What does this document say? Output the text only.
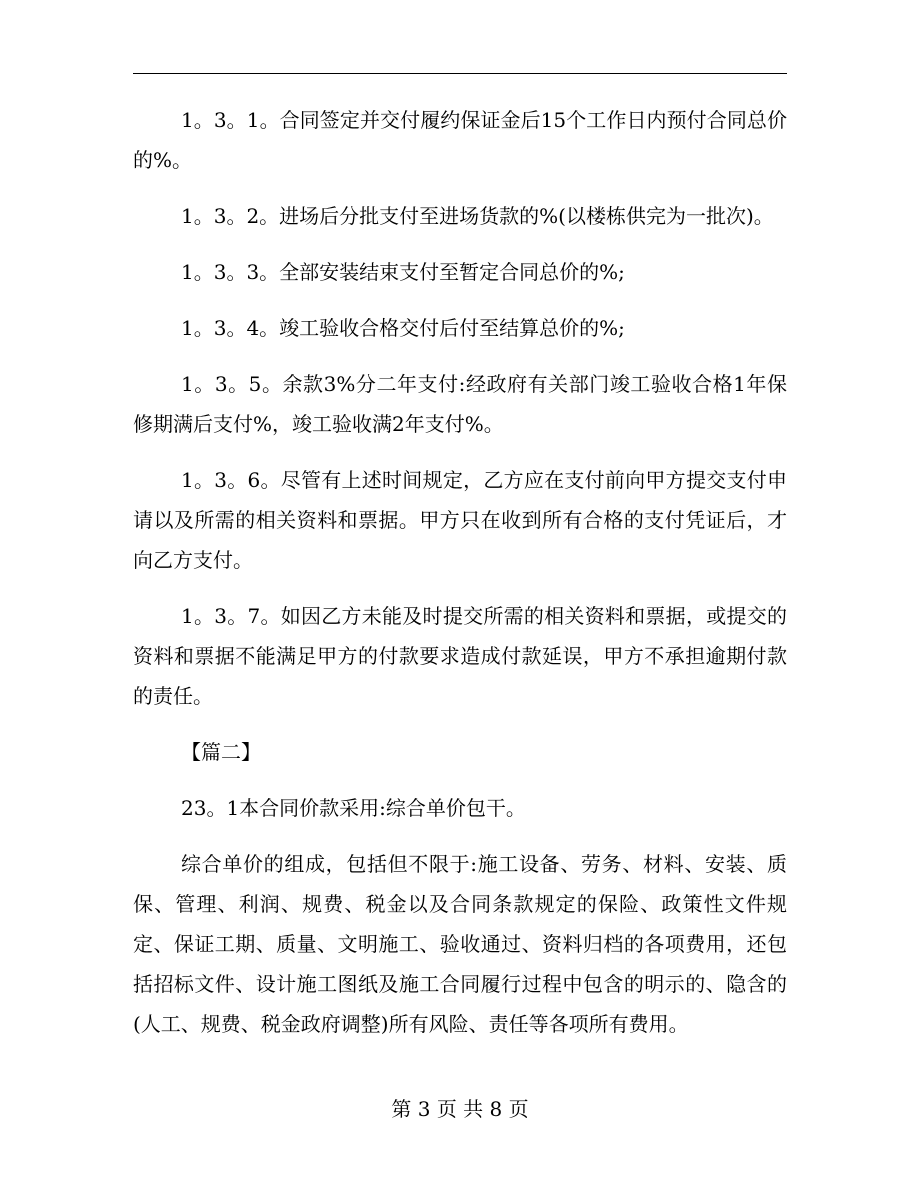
1。3。1。合同签定并交付履约保证金后15个工作日内预付合同总价的%。

1。3。2。进场后分批支付至进场货款的%(以楼栋供完为一批次)。

1。3。3。全部安装结束支付至暂定合同总价的%;

1。3。4。竣工验收合格交付后付至结算总价的%;

1。3。5。余款3%分二年支付:经政府有关部门竣工验收合格1年保修期满后支付%，竣工验收满2年支付%。

1。3。6。尽管有上述时间规定，乙方应在支付前向甲方提交支付申请以及所需的相关资料和票据。甲方只在收到所有合格的支付凭证后，才向乙方支付。

1。3。7。如因乙方未能及时提交所需的相关资料和票据，或提交的资料和票据不能满足甲方的付款要求造成付款延误，甲方不承担逾期付款的责任。

【篇二】

23。1本合同价款采用:综合单价包干。

综合单价的组成，包括但不限于:施工设备、劳务、材料、安装、质保、管理、利润、规费、税金以及合同条款规定的保险、政策性文件规定、保证工期、质量、文明施工、验收通过、资料归档的各项费用，还包括招标文件、设计施工图纸及施工合同履行过程中包含的明示的、隐含的(人工、规费、税金政府调整)所有风险、责任等各项所有费用。

第 3 页 共 8 页
